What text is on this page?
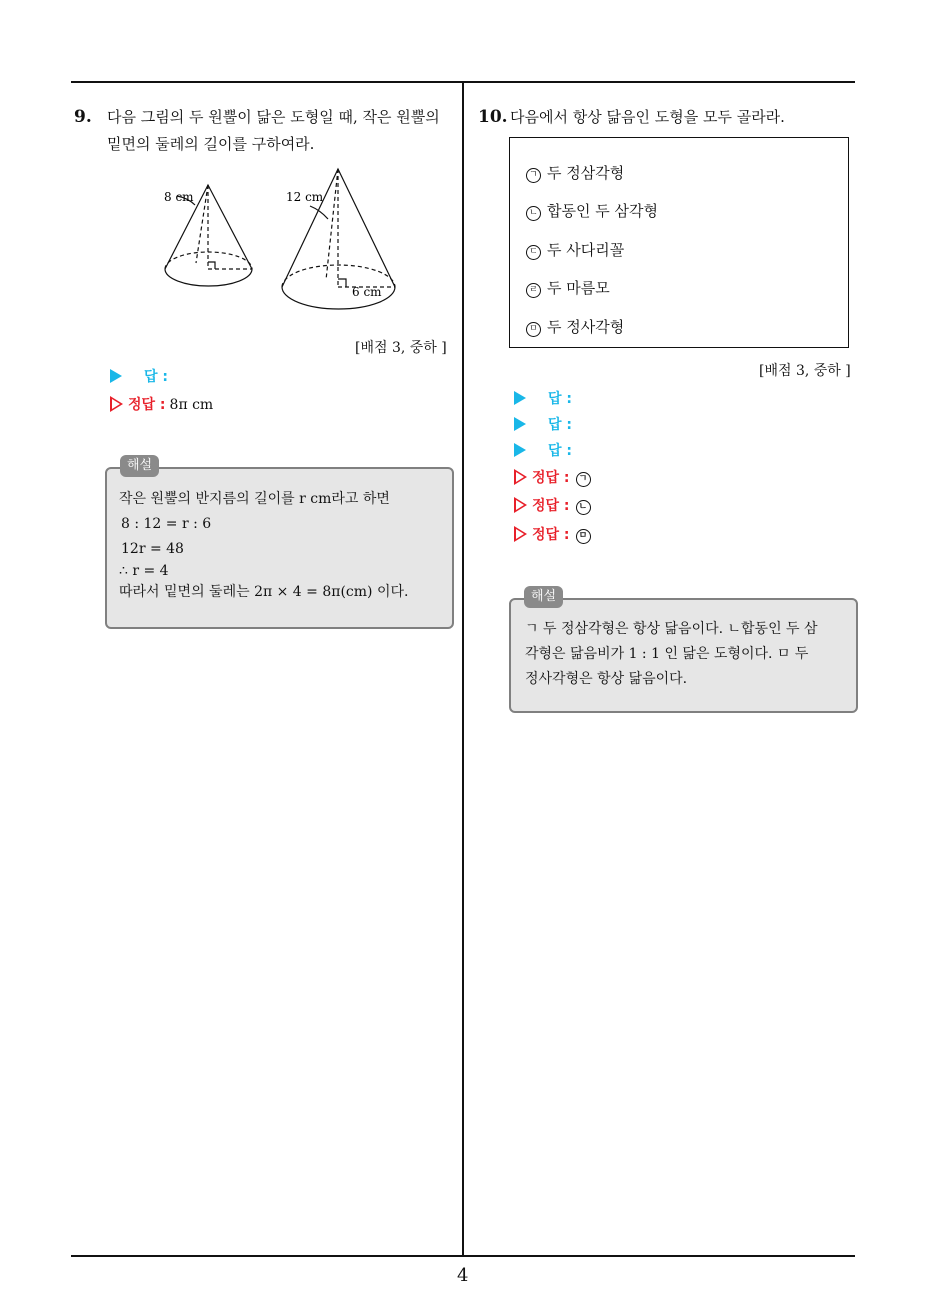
9. 다음 그림의 두 원뿔이 닮은 도형일 때, 작은 원뿔의
밑면의 둘레의 길이를 구하여라.
8 cm	12 cm
6 cm
[배점 3, 중하 ]
답 :
정답 : 8π cm
작은 원뿔의 반지름의 길이를 r cm라고 하면
8 : 12 = r : 6
12r = 48
∴ r = 4
따라서 밑면의 둘레는 2π × 4 = 8π(cm) 이다.
해설
10. 다음에서 항상 닮음인 도형을 모두 골라라.
ㄱ 두 정삼각형
ㄴ 합동인 두 삼각형
ㄷ 두 사다리꼴
ㄹ 두 마름모
ㅁ 두 정사각형
[배점 3, 중하 ]
답 :
답 :
답 :
정답 : ㄱ
정답 : ㄴ
정답 : ㅁ
ㄱ 두 정삼각형은 항상 닮음이다. ㄴ합동인 두 삼
각형은 닮음비가 1 : 1 인 닮은 도형이다. ㅁ 두
정사각형은 항상 닮음이다.
해설
4
